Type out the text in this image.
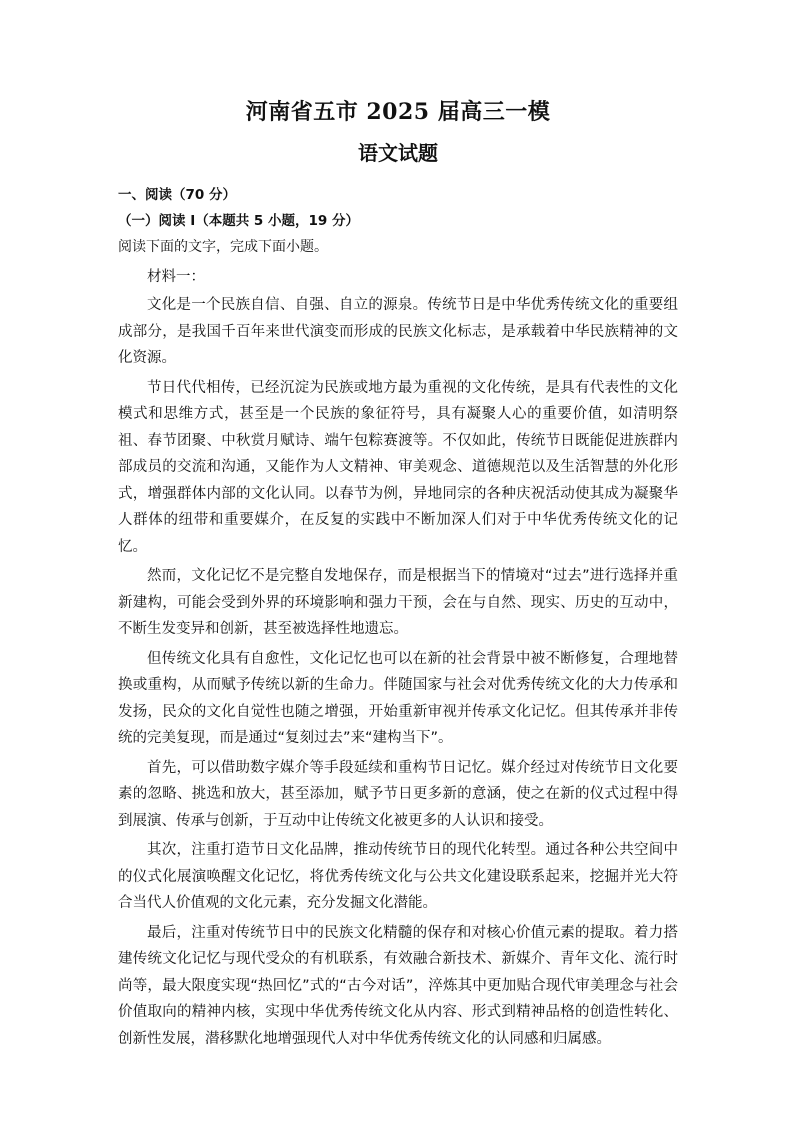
河南省五市 2025 届高三一模
语文试题
一、阅读（70 分）
（一）阅读 I（本题共 5 小题，19 分）
阅读下面的文字，完成下面小题。
材料一：

文化是一个民族自信、自强、自立的源泉。传统节日是中华优秀传统文化的重要组成部分，是我国千百年来世代演变而形成的民族文化标志，是承载着中华民族精神的文化资源。

节日代代相传，已经沉淀为民族或地方最为重视的文化传统，是具有代表性的文化模式和思维方式，甚至是一个民族的象征符号，具有凝聚人心的重要价值，如清明祭祖、春节团聚、中秋赏月赋诗、端午包粽赛渡等。不仅如此，传统节日既能促进族群内部成员的交流和沟通，又能作为人文精神、审美观念、道德规范以及生活智慧的外化形式，增强群体内部的文化认同。以春节为例，异地同宗的各种庆祝活动使其成为凝聚华人群体的纽带和重要媒介，在反复的实践中不断加深人们对于中华优秀传统文化的记忆。

然而，文化记忆不是完整自发地保存，而是根据当下的情境对“过去”进行选择并重新建构，可能会受到外界的环境影响和强力干预，会在与自然、现实、历史的互动中，不断生发变异和创新，甚至被选择性地遗忘。

但传统文化具有自愈性，文化记忆也可以在新的社会背景中被不断修复，合理地替换或重构，从而赋予传统以新的生命力。伴随国家与社会对优秀传统文化的大力传承和发扬，民众的文化自觉性也随之增强，开始重新审视并传承文化记忆。但其传承并非传统的完美复现，而是通过“复刻过去”来“建构当下”。

首先，可以借助数字媒介等手段延续和重构节日记忆。媒介经过对传统节日文化要素的忽略、挑选和放大，甚至添加，赋予节日更多新的意涵，使之在新的仪式过程中得到展演、传承与创新，于互动中让传统文化被更多的人认识和接受。

其次，注重打造节日文化品牌，推动传统节日的现代化转型。通过各种公共空间中的仪式化展演唤醒文化记忆，将优秀传统文化与公共文化建设联系起来，挖掘并光大符合当代人价值观的文化元素，充分发掘文化潜能。

最后，注重对传统节日中的民族文化精髓的保存和对核心价值元素的提取。着力搭建传统文化记忆与现代受众的有机联系，有效融合新技术、新媒介、青年文化、流行时尚等，最大限度实现“热回忆”式的“古今对话”，淬炼其中更加贴合现代审美理念与社会价值取向的精神内核，实现中华优秀传统文化从内容、形式到精神品格的创造性转化、创新性发展，潜移默化地增强现代人对中华优秀传统文化的认同感和归属感。
